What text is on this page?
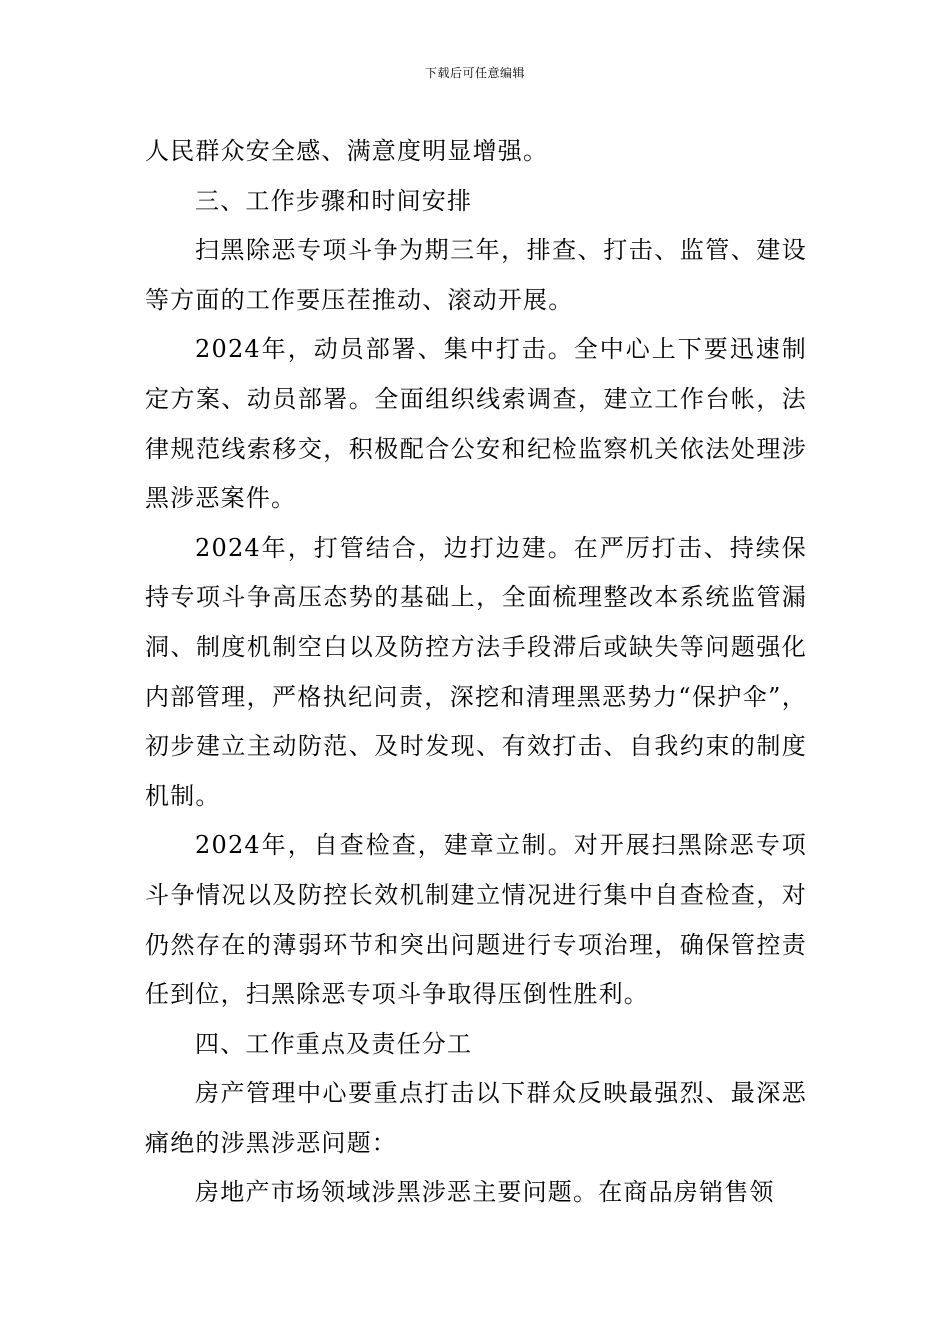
下载后可任意编辑

人民群众安全感、满意度明显增强。

三、工作步骤和时间安排

扫黑除恶专项斗争为期三年，排查、打击、监管、建设等方面的工作要压茬推动、滚动开展。

2024年，动员部署、集中打击。全中心上下要迅速制定方案、动员部署。全面组织线索调查，建立工作台帐，法律规范线索移交，积极配合公安和纪检监察机关依法处理涉黑涉恶案件。

2024年，打管结合，边打边建。在严厉打击、持续保持专项斗争高压态势的基础上，全面梳理整改本系统监管漏洞、制度机制空白以及防控方法手段滞后或缺失等问题强化内部管理，严格执纪问责，深挖和清理黑恶势力“保护伞”，初步建立主动防范、及时发现、有效打击、自我约束的制度机制。

2024年，自查检查，建章立制。对开展扫黑除恶专项斗争情况以及防控长效机制建立情况进行集中自查检查，对仍然存在的薄弱环节和突出问题进行专项治理，确保管控责任到位，扫黑除恶专项斗争取得压倒性胜利。

四、工作重点及责任分工

房产管理中心要重点打击以下群众反映最强烈、最深恶痛绝的涉黑涉恶问题：

房地产市场领域涉黑涉恶主要问题。在商品房销售领
